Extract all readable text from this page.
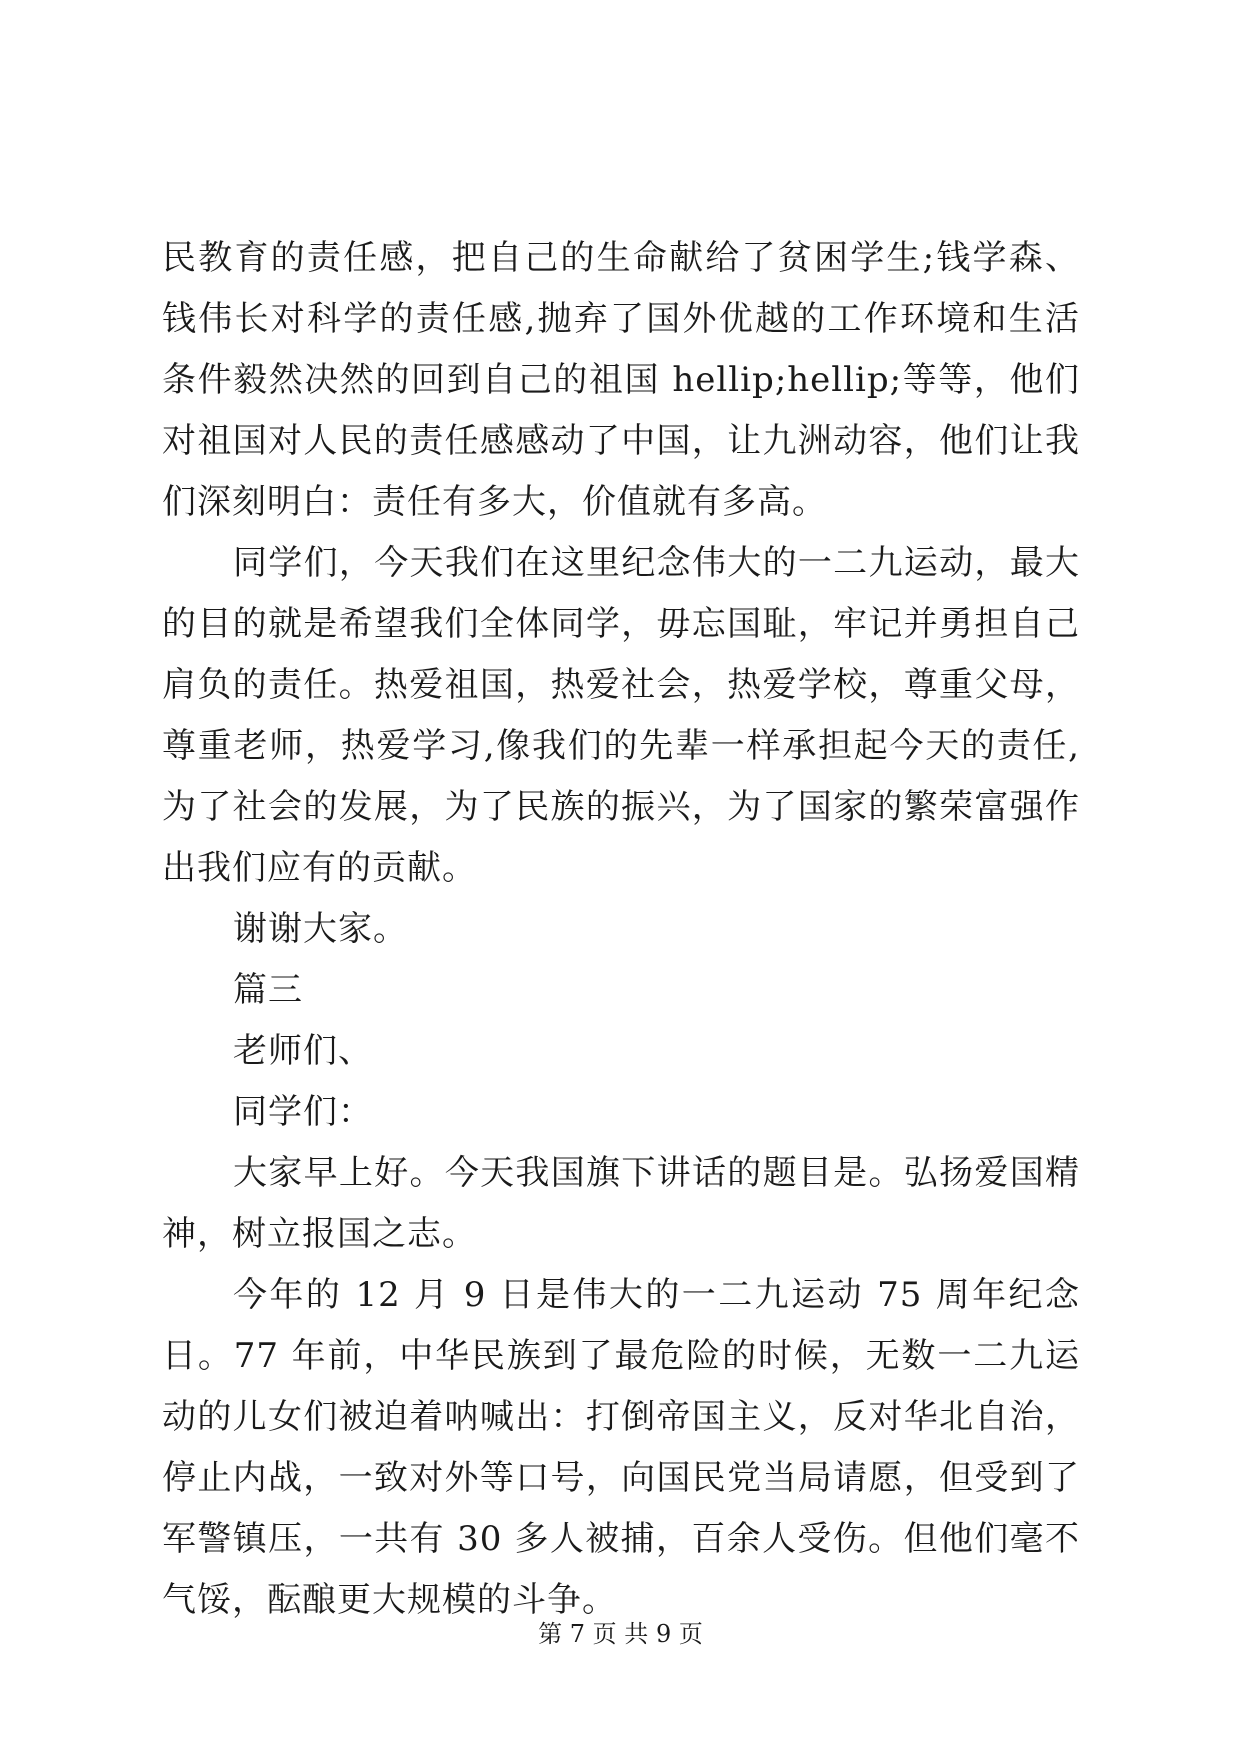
民教育的责任感，把自己的生命献给了贫困学生;钱学森、钱伟长对科学的责任感,抛弃了国外优越的工作环境和生活条件毅然决然的回到自己的祖国 hellip;hellip;等等，他们对祖国对人民的责任感感动了中国，让九洲动容，他们让我们深刻明白：责任有多大，价值就有多高。

同学们，今天我们在这里纪念伟大的一二九运动，最大的目的就是希望我们全体同学，毋忘国耻，牢记并勇担自己肩负的责任。热爱祖国，热爱社会，热爱学校，尊重父母，尊重老师，热爱学习,像我们的先辈一样承担起今天的责任,为了社会的发展，为了民族的振兴，为了国家的繁荣富强作出我们应有的贡献。

谢谢大家。

篇三

老师们、

同学们：

大家早上好。今天我国旗下讲话的题目是。弘扬爱国精神，树立报国之志。

今年的 12 月 9 日是伟大的一二九运动 75 周年纪念日。77 年前，中华民族到了最危险的时候，无数一二九运动的儿女们被迫着呐喊出：打倒帝国主义，反对华北自治，停止内战，一致对外等口号，向国民党当局请愿，但受到了军警镇压，一共有 30 多人被捕，百余人受伤。但他们毫不气馁，酝酿更大规模的斗争。

第 7 页 共 9 页
